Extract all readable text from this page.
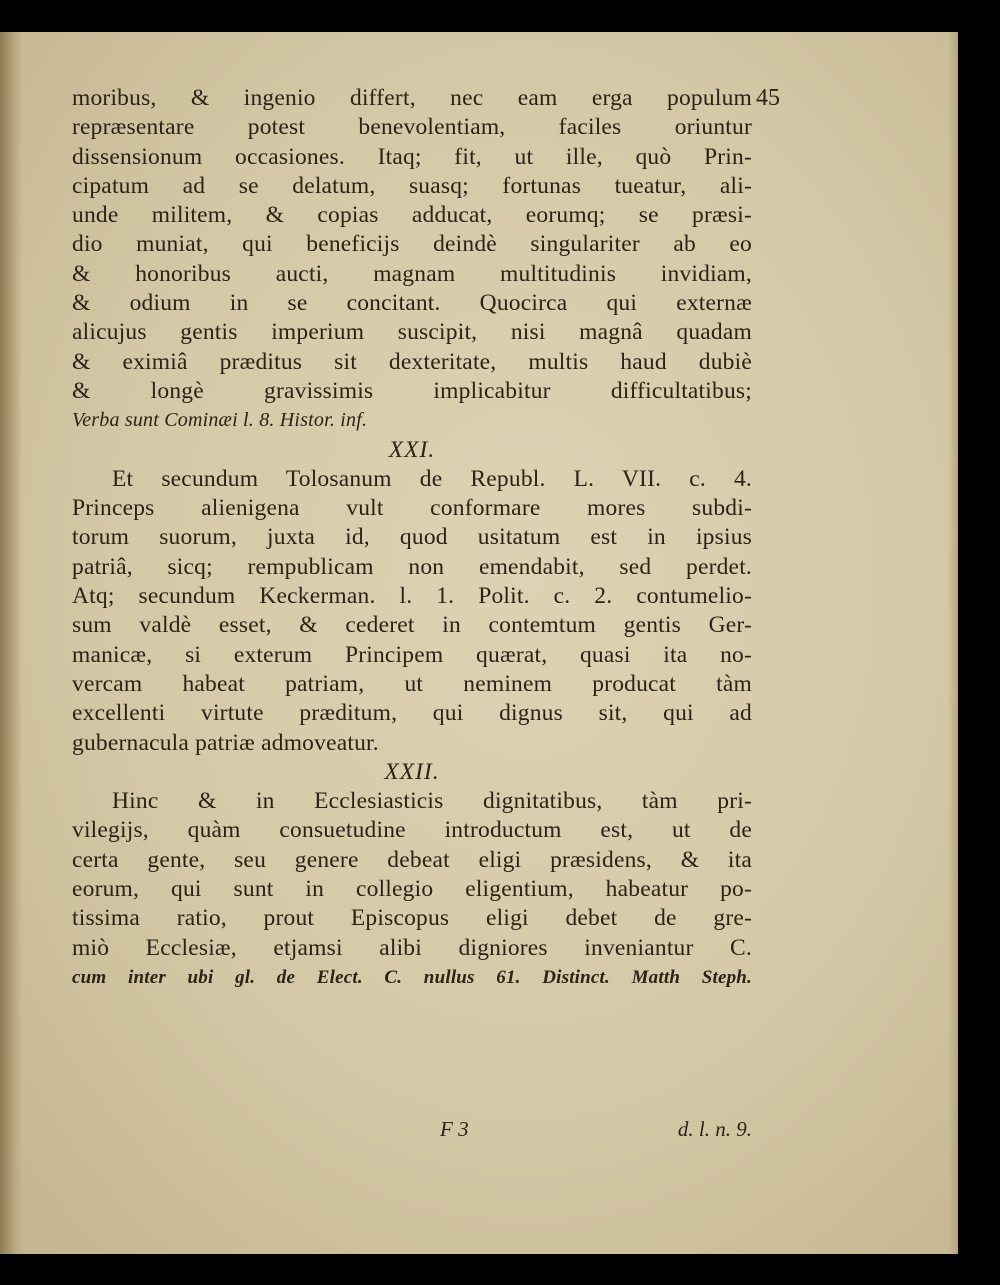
45
moribus, & ingenio differt, nec eam erga populum
repræsentare potest benevolentiam, faciles oriuntur
dissensionum occasiones. Itaq; fit, ut ille, quò Prin-
cipatum ad se delatum, suasq; fortunas tueatur, ali-
unde militem, & copias adducat, eorumq; se præsi-
dio muniat, qui beneficijs deindè singulariter ab eo
& honoribus aucti, magnam multitudinis invidiam,
& odium in se concitant. Quocirca qui externæ
alicujus gentis imperium suscipit, nisi magnâ quadam
& eximiâ præditus sit dexteritate, multis haud dubiè
& longè gravissimis implicabitur difficultatibus;
Verba sunt Cominæi l. 8. Histor. inf.
XXI.
Et secundum Tolosanum de Republ. L. VII. c. 4.
Princeps alienigena vult conformare mores subdi-
torum suorum, juxta id, quod usitatum est in ipsius
patriâ, sicq; rempublicam non emendabit, sed perdet.
Atq; secundum Keckerman. l. 1. Polit. c. 2. contumelio-
sum valdè esset, & cederet in contemtum gentis Ger-
manicæ, si exterum Principem quærat, quasi ita no-
vercam habeat patriam, ut neminem producat tàm
excellenti virtute præditum, qui dignus sit, qui ad
gubernacula patriæ admoveatur.
XXII.
Hinc & in Ecclesiasticis dignitatibus, tàm pri-
vilegijs, quàm consuetudine introductum est, ut de
certa gente, seu genere debeat eligi præsidens, & ita
eorum, qui sunt in collegio eligentium, habeatur po-
tissima ratio, prout Episcopus eligi debet de gre-
miò Ecclesiæ, etjamsi alibi digniores inveniantur C.
cum inter ubi gl. de Elect. C. nullus 61. Distinct. Matth Steph.
F 3	d. l. n. 9.
